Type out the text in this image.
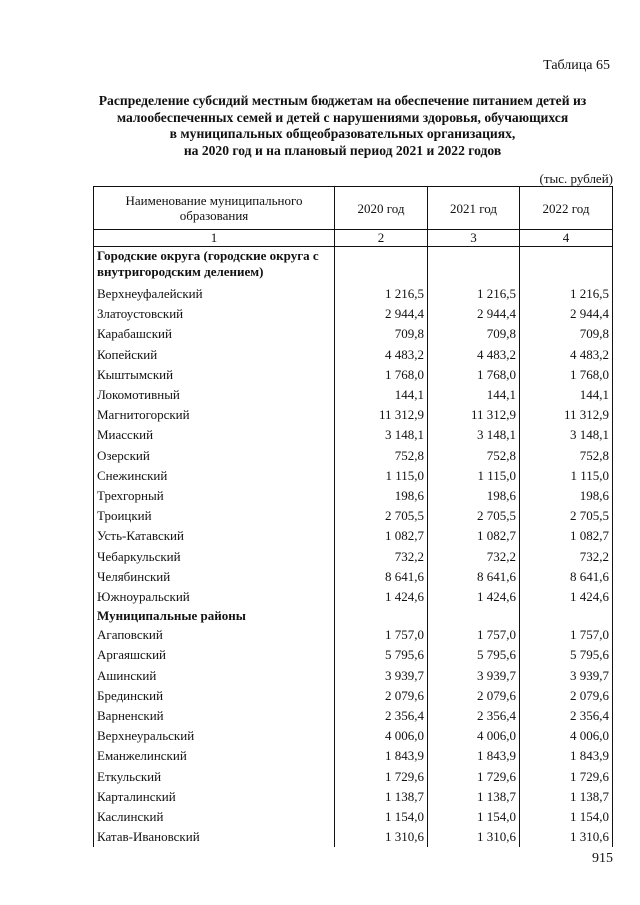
Таблица 65
Распределение субсидий местным бюджетам на обеспечение питанием детей из
малообеспеченных семей и детей с нарушениями здоровья, обучающихся
в муниципальных общеобразовательных организациях,
на 2020 год и на плановый период 2021 и 2022 годов
(тыс. рублей)
Наименование муниципального образования	2020 год	2021 год	2022 год
1	2	3	4
Городские округа (городские округа с внутригородским делением)			
Верхнеуфалейский	1 216,5	1 216,5	1 216,5
Златоустовский	2 944,4	2 944,4	2 944,4
Карабашский	709,8	709,8	709,8
Копейский	4 483,2	4 483,2	4 483,2
Кыштымский	1 768,0	1 768,0	1 768,0
Локомотивный	144,1	144,1	144,1
Магнитогорский	11 312,9	11 312,9	11 312,9
Миасский	3 148,1	3 148,1	3 148,1
Озерский	752,8	752,8	752,8
Снежинский	1 115,0	1 115,0	1 115,0
Трехгорный	198,6	198,6	198,6
Троицкий	2 705,5	2 705,5	2 705,5
Усть-Катавский	1 082,7	1 082,7	1 082,7
Чебаркульский	732,2	732,2	732,2
Челябинский	8 641,6	8 641,6	8 641,6
Южноуральский	1 424,6	1 424,6	1 424,6
Муниципальные районы			
Агаповский	1 757,0	1 757,0	1 757,0
Аргаяшский	5 795,6	5 795,6	5 795,6
Ашинский	3 939,7	3 939,7	3 939,7
Брединский	2 079,6	2 079,6	2 079,6
Варненский	2 356,4	2 356,4	2 356,4
Верхнеуральский	4 006,0	4 006,0	4 006,0
Еманжелинский	1 843,9	1 843,9	1 843,9
Еткульский	1 729,6	1 729,6	1 729,6
Карталинский	1 138,7	1 138,7	1 138,7
Каслинский	1 154,0	1 154,0	1 154,0
Катав-Ивановский	1 310,6	1 310,6	1 310,6
915
